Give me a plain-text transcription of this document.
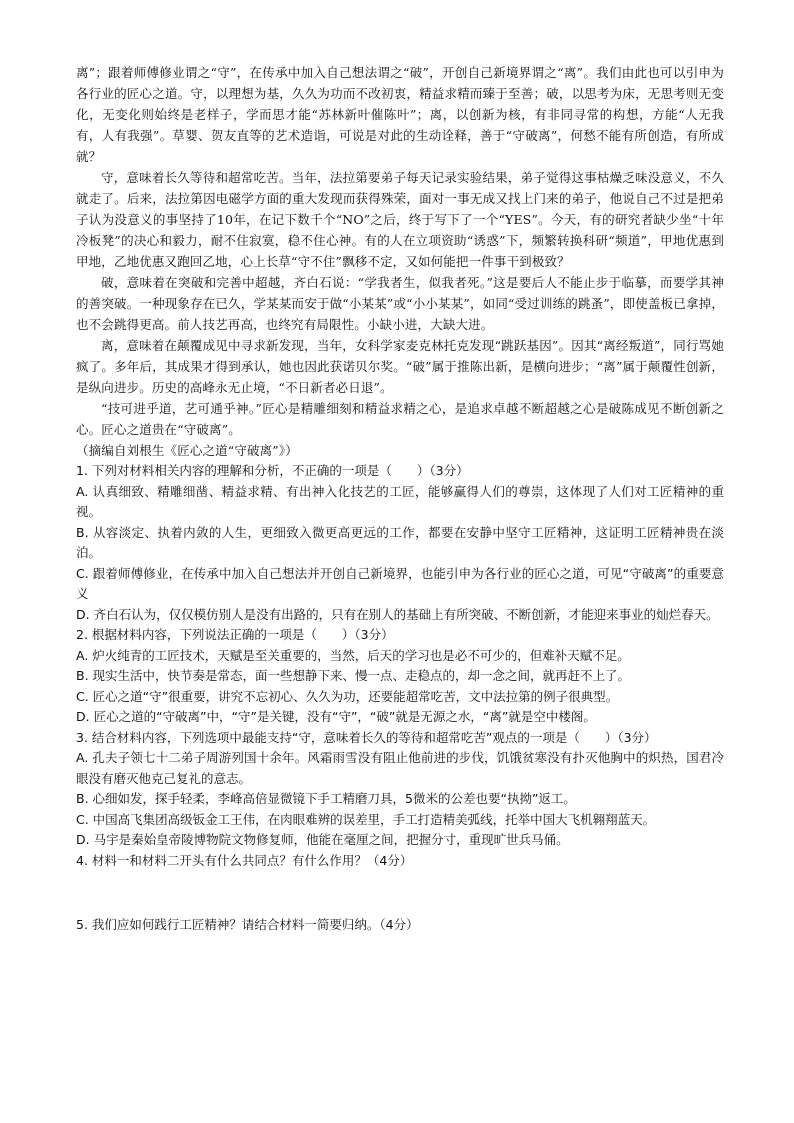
离”；跟着师傅修业谓之“守”，在传承中加入自己想法谓之“破”，开创自己新境界谓之“离”。我们由此也可以引申为各行业的匠心之道。守，以理想为基，久久为功而不改初衷，精益求精而臻于至善；破，以思考为床，无思考则无变化，无变化则始终是老样子，学而思才能“苏林新叶催陈叶”；离，以创新为核，有非同寻常的构想，方能“人无我有，人有我强”。草婴、贺友直等的艺术造诣，可说是对此的生动诠释，善于“守破离”，何愁不能有所创造，有所成就？

守，意味着长久等待和超常吃苦。当年，法拉第要弟子每天记录实验结果，弟子觉得这事枯燥乏味没意义，不久就走了。后来，法拉第因电磁学方面的重大发现而获得殊荣，面对一事无成又找上门来的弟子，他说自己不过是把弟子认为没意义的事坚持了10年，在记下数千个“NO”之后，终于写下了一个“YES”。今天，有的研究者缺少坐“十年冷板凳”的决心和毅力，耐不住寂寞，稳不住心神。有的人在立项资助“诱惑”下，频繁转换科研“频道”，甲地优惠到甲地，乙地优惠又跑回乙地，心上长草“守不住”飘移不定，又如何能把一件事干到极致？

破，意味着在突破和完善中超越，齐白石说：“学我者生，似我者死。”这是要后人不能止步于临摹，而要学其神的善突破。一种现象存在已久，学某某而安于做“小某某”或“小小某某”，如同“受过训练的跳蚤”，即使盖板已拿掉，也不会跳得更高。前人技艺再高，也终究有局限性。小缺小进，大缺大进。

离，意味着在颠覆成见中寻求新发现，当年，女科学家麦克林托克发现“跳跃基因”。因其“离经叛道”，同行骂她疯了。多年后，其成果才得到承认，她也因此获诺贝尔奖。“破”属于推陈出新，是横向进步；“离”属于颠覆性创新，是纵向进步。历史的高峰永无止境，“不日新者必日退”。

“技可进乎道，艺可通乎神。”匠心是精雕细刻和精益求精之心，是追求卓越不断超越之心是破陈成见不断创新之心。匠心之道贵在“守破离”。

（摘编自刘根生《匠心之道“守破离”》）

1. 下列对材料相关内容的理解和分析，不正确的一项是（　　）（3分）

A. 认真细致、精雕细凿、精益求精、有出神入化技艺的工匠，能够赢得人们的尊崇，这体现了人们对工匠精神的重视。

B. 从容淡定、执着内敛的人生，更细致入微更高更远的工作，都要在安静中坚守工匠精神，这证明工匠精神贵在淡泊。

C. 跟着师傅修业，在传承中加入自己想法并开创自己新境界，也能引申为各行业的匠心之道，可见“守破离”的重要意义

D. 齐白石认为，仅仅模仿别人是没有出路的，只有在别人的基础上有所突破、不断创新，才能迎来事业的灿烂春天。

2. 根据材料内容，下列说法正确的一项是（　　）（3分）

A. 炉火纯青的工匠技术，天赋是至关重要的，当然，后天的学习也是必不可少的，但难补天赋不足。

B. 现实生活中，快节奏是常态，面一些想静下来、慢一点、走稳点的，却一念之间，就再赶不上了。

C. 匠心之道“守”很重要，讲究不忘初心、久久为功，还要能超常吃苦，文中法拉第的例子很典型。

D. 匠心之道的“守破离”中，“守”是关键，没有“守”，“破”就是无源之水，“离”就是空中楼阁。

3. 结合材料内容，下列选项中最能支持“守，意味着长久的等待和超常吃苦”观点的一项是（　　）（3分）

A. 孔夫子领七十二弟子周游列国十余年。风霜雨雪没有阻止他前进的步伐，饥饿贫寒没有扑灭他胸中的炽热，国君冷眼没有磨灭他克己复礼的意志。

B. 心细如发，探手轻柔，李峰高倍显微镜下手工精磨刀具，5微米的公差也要“执拗”返工。

C. 中国高飞集团高级钣金工王伟，在肉眼难辨的误差里，手工打造精美弧线，托举中国大飞机翱翔蓝天。

D. 马宇是秦始皇帝陵博物院文物修复师，他能在毫厘之间，把握分寸，重现旷世兵马俑。

4. 材料一和材料二开头有什么共同点？有什么作用？（4分）

5. 我们应如何践行工匠精神？请结合材料一简要归纳。（4分）
